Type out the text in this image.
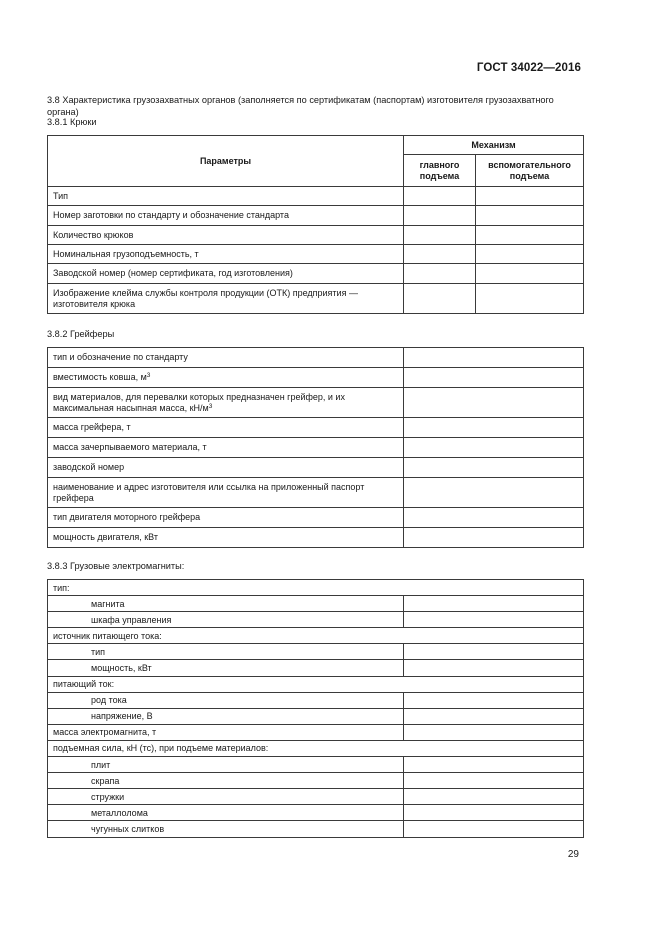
ГОСТ 34022—2016
3.8 Характеристика грузозахватных органов (заполняется по сертификатам (паспортам) изготовителя грузозахватного органа)
3.8.1 Крюки
Параметры	Механизм	
	главного подъема	вспомогательного подъема
Тип		
Номер заготовки по стандарту и обозначение стандарта		
Количество крюков		
Номинальная грузоподъемность, т		
Заводской номер (номер сертификата, год изготовления)		
Изображение клейма службы контроля продукции (ОТК) предприятия — изготовителя крюка		
3.8.2 Грейферы
тип и обозначение по стандарту	
вместимость ковша, $м^3$	
вид материалов, для перевалки которых предназначен грейфер, и их максимальная насыпная масса, $кН/м^3$	
масса грейфера, т	
масса зачерпываемого материала, т	
заводской номер	
наименование и адрес изготовителя или ссылка на приложенный паспорт грейфера	
тип двигателя моторного грейфера	
мощность двигателя, кВт	
3.8.3 Грузовые электромагниты:
тип:	
магнита	
шкафа управления	
источник питающего тока:	
тип	
мощность, кВт	
питающий ток:	
род тока	
напряжение, В	
масса электромагнита, т	
подъемная сила, кН (тс), при подъеме материалов:	
плит	
скрапа	
стружки	
металлолома	
чугунных слитков	
29
